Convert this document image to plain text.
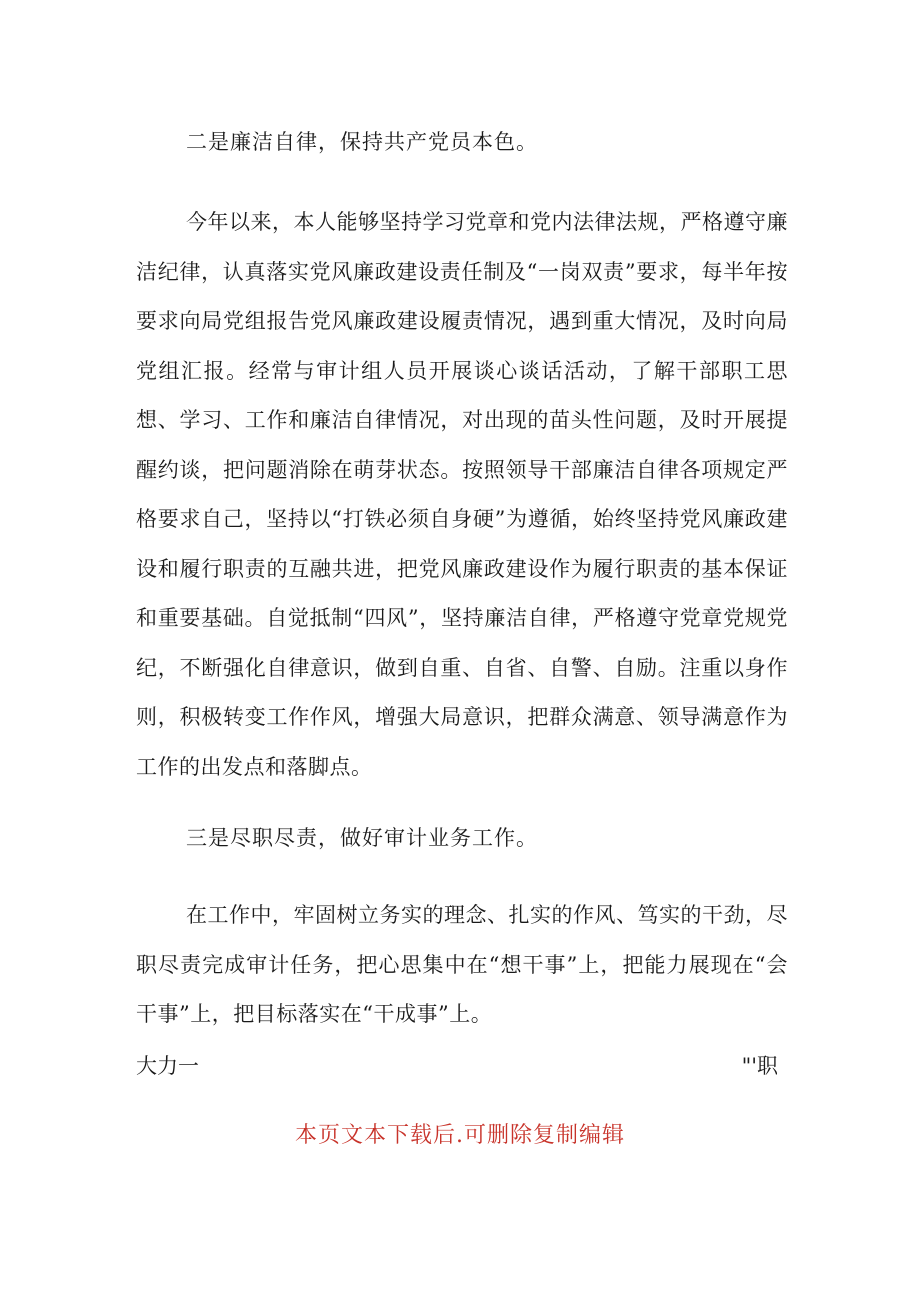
二是廉洁自律，保持共产党员本色。

今年以来，本人能够坚持学习党章和党内法律法规，严格遵守廉洁纪律，认真落实党风廉政建设责任制及“一岗双责”要求，每半年按要求向局党组报告党风廉政建设履责情况，遇到重大情况，及时向局党组汇报。经常与审计组人员开展谈心谈话活动，了解干部职工思想、学习、工作和廉洁自律情况，对出现的苗头性问题，及时开展提醒约谈，把问题消除在萌芽状态。按照领导干部廉洁自律各项规定严格要求自己，坚持以“打铁必须自身硬”为遵循，始终坚持党风廉政建设和履行职责的互融共进，把党风廉政建设作为履行职责的基本保证和重要基础。自觉抵制“四风”，坚持廉洁自律，严格遵守党章党规党纪，不断强化自律意识，做到自重、自省、自警、自励。注重以身作则，积极转变工作作风，增强大局意识，把群众满意、领导满意作为工作的出发点和落脚点。

三是尽职尽责，做好审计业务工作。

在工作中，牢固树立务实的理念、扎实的作风、笃实的干劲，尽职尽责完成审计任务，把心思集中在“想干事”上，把能力展现在“会干事”上，把目标落实在“干成事”上。

大力一	"'职
本页文本下载后.可删除复制编辑
